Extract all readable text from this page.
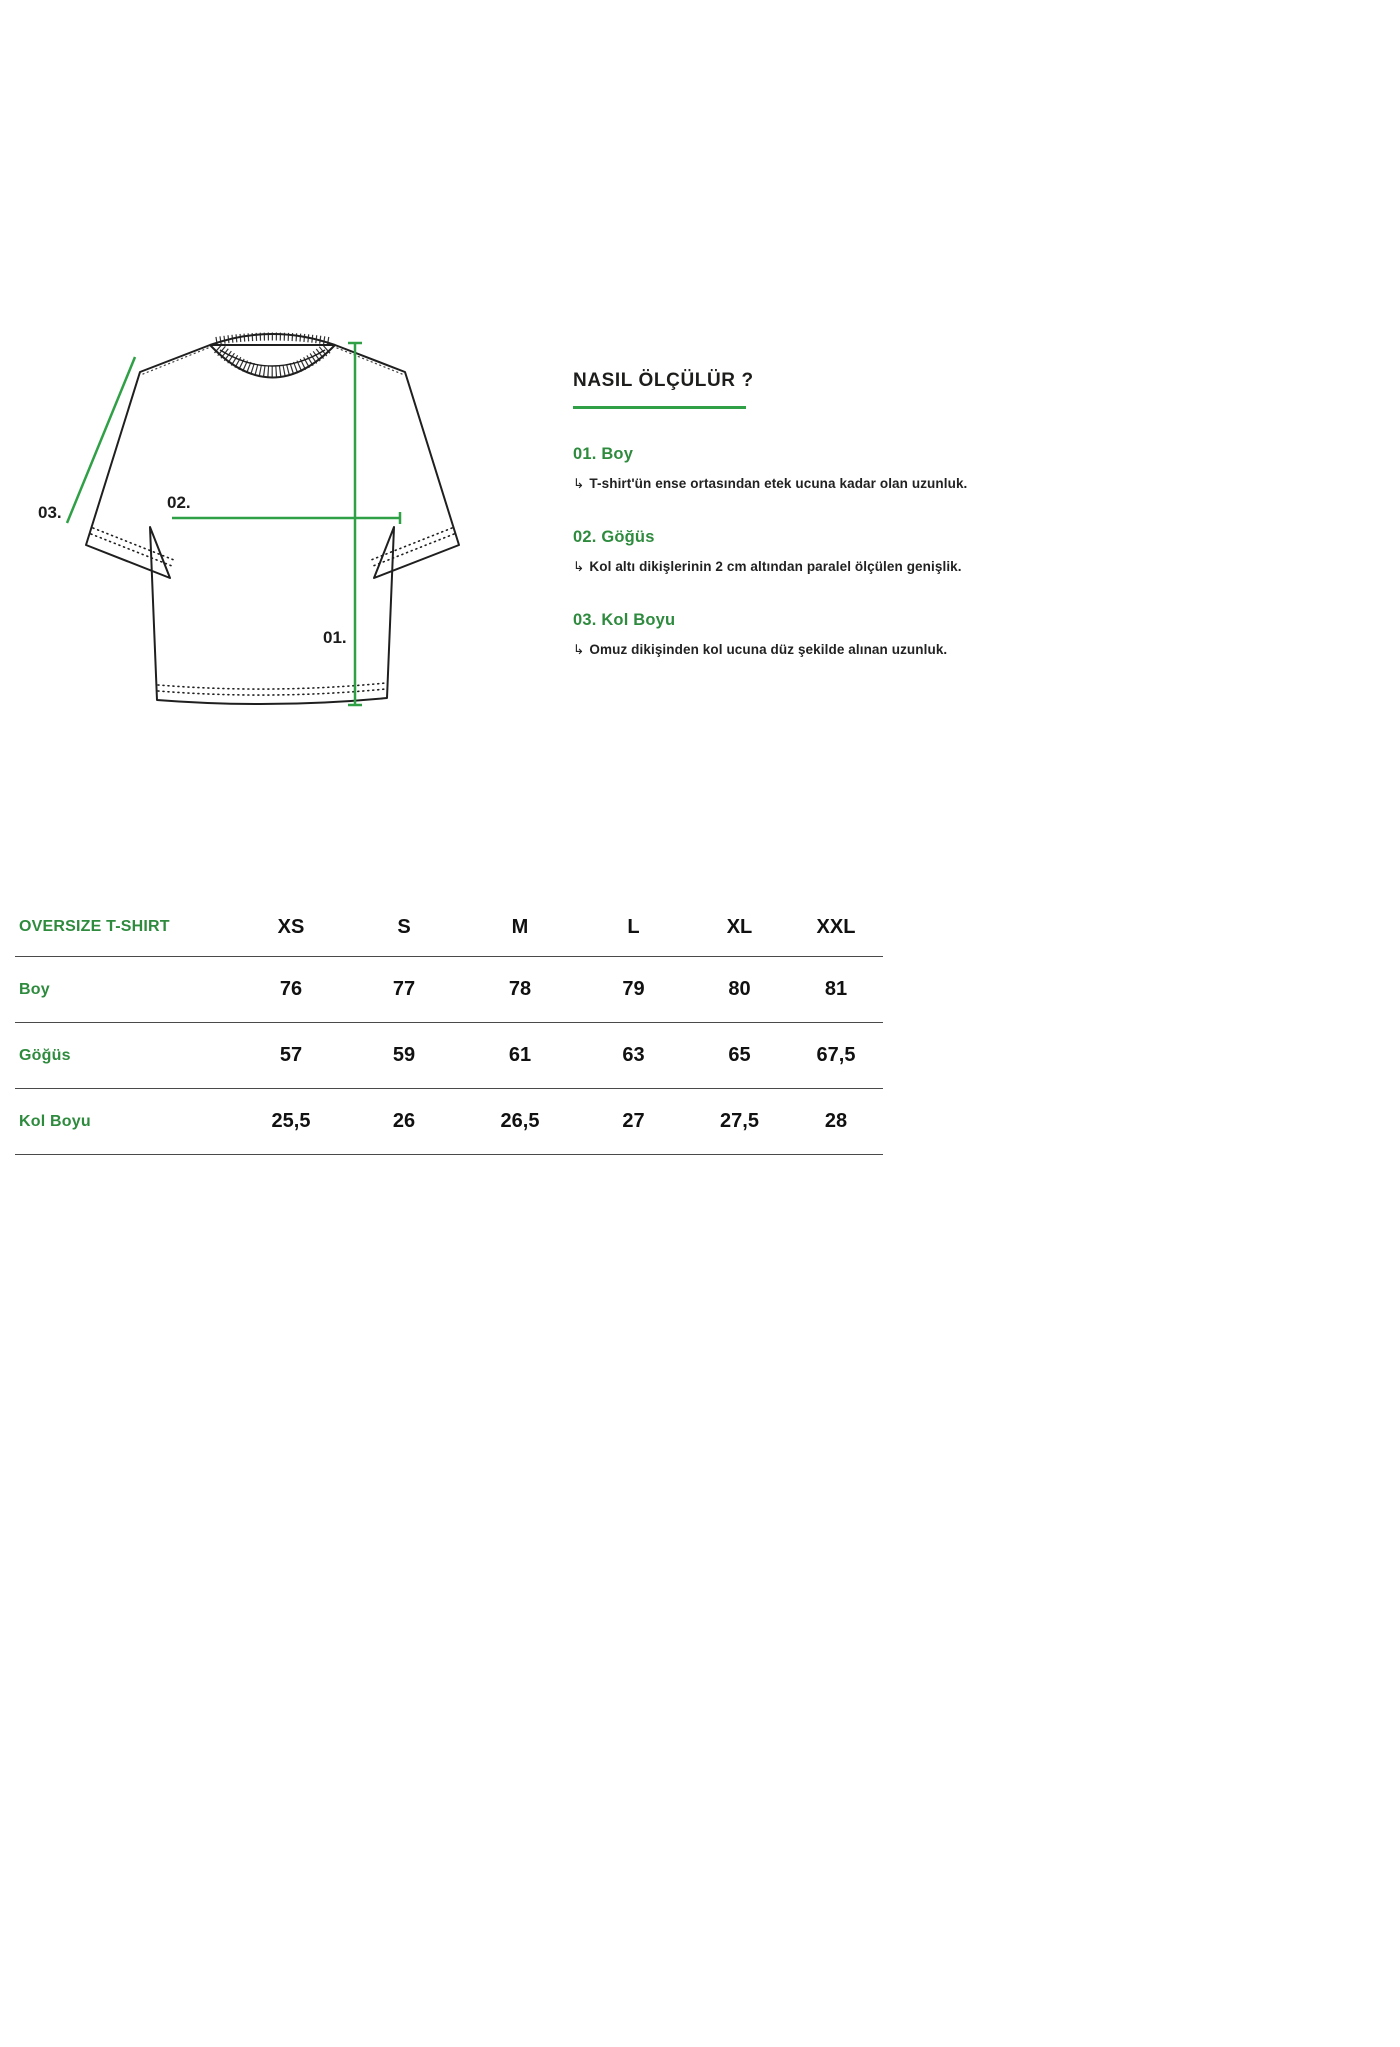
03.
02.
01.
NASIL ÖLÇÜLÜR ?
01. Boy

↳ T-shirt'ün ense ortasından etek ucuna kadar olan uzunluk.

02. Göğüs

↳ Kol altı dikişlerinin 2 cm altından paralel ölçülen genişlik.

03. Kol Boyu

↳ Omuz dikişinden kol ucuna düz şekilde alınan uzunluk.

OVERSIZE T-SHIRT	XS	S	M	L	XL	XXL
Boy	76	77	78	79	80	81
Göğüs	57	59	61	63	65	67,5
Kol Boyu	25,5	26	26,5	27	27,5	28
